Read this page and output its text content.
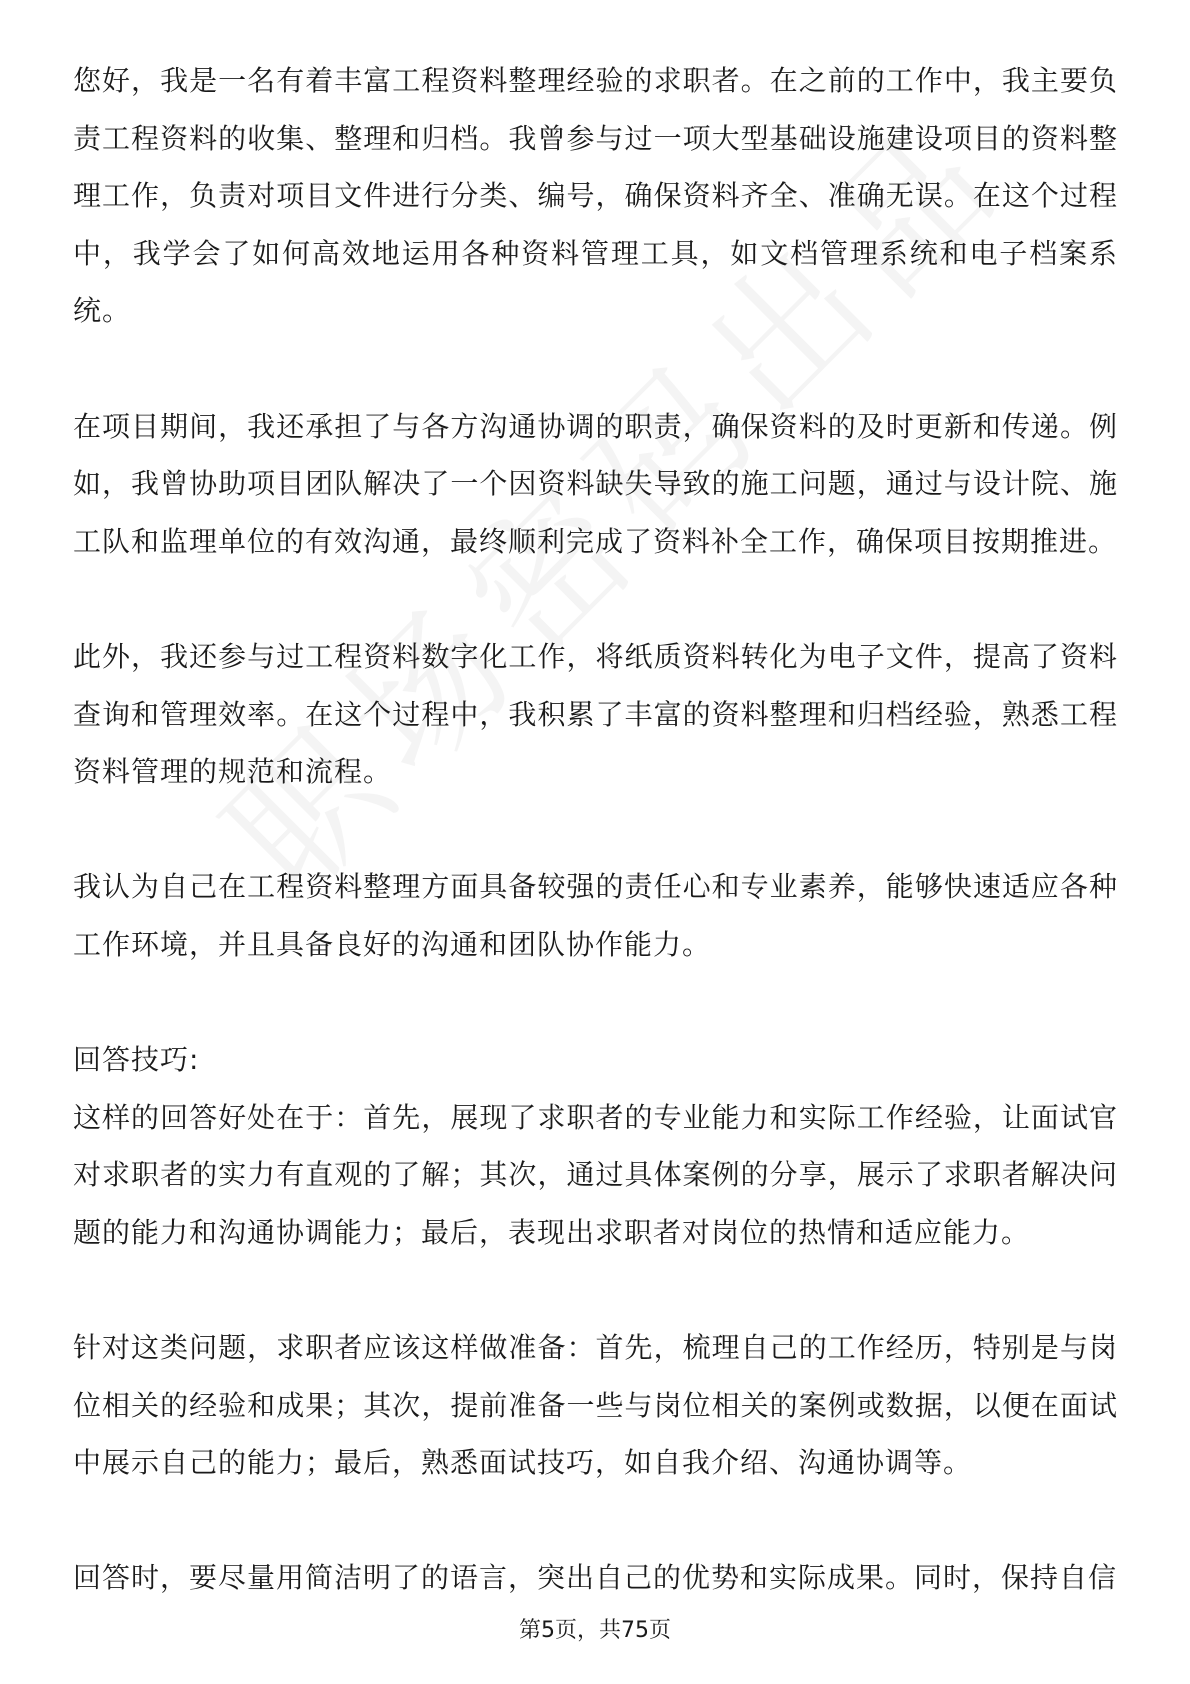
您好，我是一名有着丰富工程资料整理经验的求职者。在之前的工作中，我主要负责工程资料的收集、整理和归档。我曾参与过一项大型基础设施建设项目的资料整理工作，负责对项目文件进行分类、编号，确保资料齐全、准确无误。在这个过程中，我学会了如何高效地运用各种资料管理工具，如文档管理系统和电子档案系统。

在项目期间，我还承担了与各方沟通协调的职责，确保资料的及时更新和传递。例如，我曾协助项目团队解决了一个因资料缺失导致的施工问题，通过与设计院、施工队和监理单位的有效沟通，最终顺利完成了资料补全工作，确保项目按期推进。

此外，我还参与过工程资料数字化工作，将纸质资料转化为电子文件，提高了资料查询和管理效率。在这个过程中，我积累了丰富的资料整理和归档经验，熟悉工程资料管理的规范和流程。

我认为自己在工程资料整理方面具备较强的责任心和专业素养，能够快速适应各种工作环境，并且具备良好的沟通和团队协作能力。

回答技巧:

这样的回答好处在于：首先，展现了求职者的专业能力和实际工作经验，让面试官对求职者的实力有直观的了解；其次，通过具体案例的分享，展示了求职者解决问题的能力和沟通协调能力；最后，表现出求职者对岗位的热情和适应能力。

针对这类问题，求职者应该这样做准备：首先，梳理自己的工作经历，特别是与岗位相关的经验和成果；其次，提前准备一些与岗位相关的案例或数据，以便在面试中展示自己的能力；最后，熟悉面试技巧，如自我介绍、沟通协调等。

回答时，要尽量用简洁明了的语言，突出自己的优势和实际成果。同时，保持自信

第5页，共75页
